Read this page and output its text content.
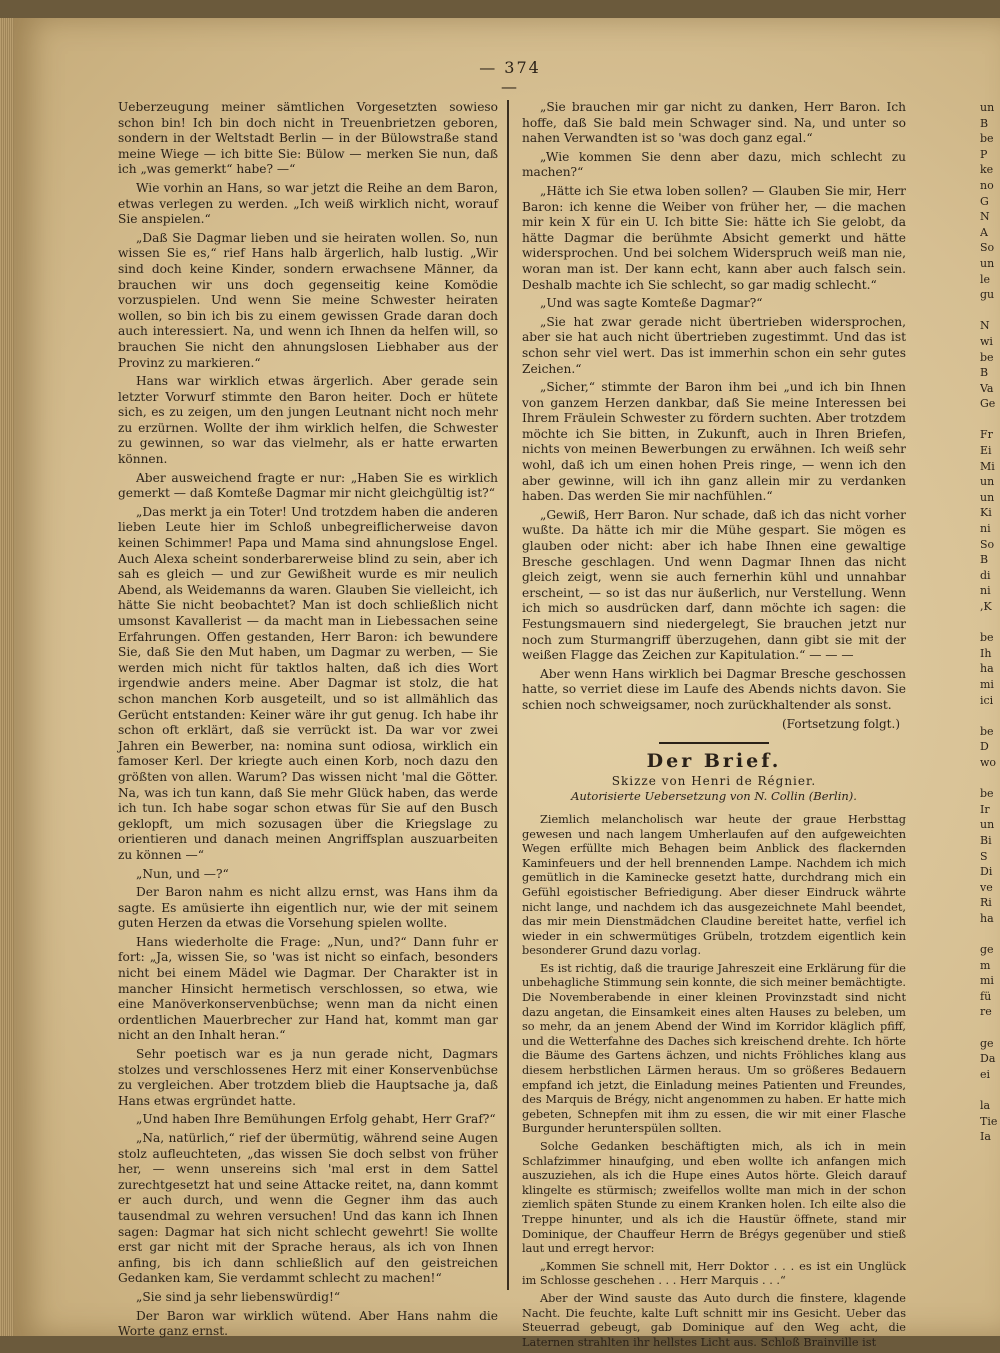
— 374 —

Ueberzeugung meiner sämtlichen Vorgesetzten sowieso schon bin! Ich bin doch nicht in Treuenbrietzen geboren, sondern in der Weltstadt Berlin — in der Bülowstraße stand meine Wiege — ich bitte Sie: Bülow — merken Sie nun, daß ich „was gemerkt“ habe? —“

Wie vorhin an Hans, so war jetzt die Reihe an dem Baron, etwas verlegen zu werden. „Ich weiß wirklich nicht, worauf Sie anspielen.“

„Daß Sie Dagmar lieben und sie heiraten wollen. So, nun wissen Sie es,“ rief Hans halb ärgerlich, halb lustig. „Wir sind doch keine Kinder, sondern erwachsene Männer, da brauchen wir uns doch gegenseitig keine Komödie vorzuspielen. Und wenn Sie meine Schwester heiraten wollen, so bin ich bis zu einem gewissen Grade daran doch auch interessiert. Na, und wenn ich Ihnen da helfen will, so brauchen Sie nicht den ahnungslosen Liebhaber aus der Provinz zu markieren.“

Hans war wirklich etwas ärgerlich. Aber gerade sein letzter Vorwurf stimmte den Baron heiter. Doch er hütete sich, es zu zeigen, um den jungen Leutnant nicht noch mehr zu erzürnen. Wollte der ihm wirklich helfen, die Schwester zu gewinnen, so war das vielmehr, als er hatte erwarten können.

Aber ausweichend fragte er nur: „Haben Sie es wirklich gemerkt — daß Komteße Dagmar mir nicht gleichgültig ist?“

„Das merkt ja ein Toter! Und trotzdem haben die anderen lieben Leute hier im Schloß unbegreiflicherweise davon keinen Schimmer! Papa und Mama sind ahnungslose Engel. Auch Alexa scheint sonderbarerweise blind zu sein, aber ich sah es gleich — und zur Gewißheit wurde es mir neulich Abend, als Weidemanns da waren. Glauben Sie vielleicht, ich hätte Sie nicht beobachtet? Man ist doch schließlich nicht umsonst Kavallerist — da macht man in Liebessachen seine Erfahrungen. Offen gestanden, Herr Baron: ich bewundere Sie, daß Sie den Mut haben, um Dagmar zu werben, — Sie werden mich nicht für taktlos halten, daß ich dies Wort irgendwie anders meine. Aber Dagmar ist stolz, die hat schon manchen Korb ausgeteilt, und so ist allmählich das Gerücht entstanden: Keiner wäre ihr gut genug. Ich habe ihr schon oft erklärt, daß sie verrückt ist. Da war vor zwei Jahren ein Bewerber, na: nomina sunt odiosa, wirklich ein famoser Kerl. Der kriegte auch einen Korb, noch dazu den größten von allen. Warum? Das wissen nicht 'mal die Götter. Na, was ich tun kann, daß Sie mehr Glück haben, das werde ich tun. Ich habe sogar schon etwas für Sie auf den Busch geklopft, um mich sozusagen über die Kriegslage zu orientieren und danach meinen Angriffsplan auszuarbeiten zu können —“

„Nun, und —?“

Der Baron nahm es nicht allzu ernst, was Hans ihm da sagte. Es amüsierte ihn eigentlich nur, wie der mit seinem guten Herzen da etwas die Vorsehung spielen wollte.

Hans wiederholte die Frage: „Nun, und?“ Dann fuhr er fort: „Ja, wissen Sie, so 'was ist nicht so einfach, besonders nicht bei einem Mädel wie Dagmar. Der Charakter ist in mancher Hinsicht hermetisch verschlossen, so etwa, wie eine Manöverkonservenbüchse; wenn man da nicht einen ordentlichen Mauerbrecher zur Hand hat, kommt man gar nicht an den Inhalt heran.“

Sehr poetisch war es ja nun gerade nicht, Dagmars stolzes und verschlossenes Herz mit einer Konservenbüchse zu vergleichen. Aber trotzdem blieb die Hauptsache ja, daß Hans etwas ergründet hatte.

„Und haben Ihre Bemühungen Erfolg gehabt, Herr Graf?“

„Na, natürlich,“ rief der übermütig, während seine Augen stolz aufleuchteten, „das wissen Sie doch selbst von früher her, — wenn unsereins sich 'mal erst in dem Sattel zurechtgesetzt hat und seine Attacke reitet, na, dann kommt er auch durch, und wenn die Gegner ihm das auch tausendmal zu wehren versuchen! Und das kann ich Ihnen sagen: Dagmar hat sich nicht schlecht gewehrt! Sie wollte erst gar nicht mit der Sprache heraus, als ich von Ihnen anfing, bis ich dann schließlich auf den geistreichen Gedanken kam, Sie verdammt schlecht zu machen!“

„Sie sind ja sehr liebenswürdig!“

Der Baron war wirklich wütend. Aber Hans nahm die Worte ganz ernst.

„Sie brauchen mir gar nicht zu danken, Herr Baron. Ich hoffe, daß Sie bald mein Schwager sind. Na, und unter so nahen Verwandten ist so 'was doch ganz egal.“

„Wie kommen Sie denn aber dazu, mich schlecht zu machen?“

„Hätte ich Sie etwa loben sollen? — Glauben Sie mir, Herr Baron: ich kenne die Weiber von früher her, — die machen mir kein X für ein U. Ich bitte Sie: hätte ich Sie gelobt, da hätte Dagmar die berühmte Absicht gemerkt und hätte widersprochen. Und bei solchem Widerspruch weiß man nie, woran man ist. Der kann echt, kann aber auch falsch sein. Deshalb machte ich Sie schlecht, so gar madig schlecht.“

„Und was sagte Komteße Dagmar?“

„Sie hat zwar gerade nicht übertrieben widersprochen, aber sie hat auch nicht übertrieben zugestimmt. Und das ist schon sehr viel wert. Das ist immerhin schon ein sehr gutes Zeichen.“

„Sicher,“ stimmte der Baron ihm bei „und ich bin Ihnen von ganzem Herzen dankbar, daß Sie meine Interessen bei Ihrem Fräulein Schwester zu fördern suchten. Aber trotzdem möchte ich Sie bitten, in Zukunft, auch in Ihren Briefen, nichts von meinen Bewerbungen zu erwähnen. Ich weiß sehr wohl, daß ich um einen hohen Preis ringe, — wenn ich den aber gewinne, will ich ihn ganz allein mir zu verdanken haben. Das werden Sie mir nachfühlen.“

„Gewiß, Herr Baron. Nur schade, daß ich das nicht vorher wußte. Da hätte ich mir die Mühe gespart. Sie mögen es glauben oder nicht: aber ich habe Ihnen eine gewaltige Bresche geschlagen. Und wenn Dagmar Ihnen das nicht gleich zeigt, wenn sie auch fernerhin kühl und unnahbar erscheint, — so ist das nur äußerlich, nur Verstellung. Wenn ich mich so ausdrücken darf, dann möchte ich sagen: die Festungsmauern sind niedergelegt, Sie brauchen jetzt nur noch zum Sturmangriff überzugehen, dann gibt sie mit der weißen Flagge das Zeichen zur Kapitulation.“ — — —

Aber wenn Hans wirklich bei Dagmar Bresche geschossen hatte, so verriet diese im Laufe des Abends nichts davon. Sie schien noch schweigsamer, noch zurückhaltender als sonst.

(Fortsetzung folgt.)
Der Brief.
Skizze von Henri de Régnier.
Autorisierte Uebersetzung von N. Collin (Berlin).

Ziemlich melancholisch war heute der graue Herbsttag gewesen und nach langem Umherlaufen auf den aufgeweichten Wegen erfüllte mich Behagen beim Anblick des flackernden Kaminfeuers und der hell brennenden Lampe. Nachdem ich mich gemütlich in die Kaminecke gesetzt hatte, durchdrang mich ein Gefühl egoistischer Befriedigung. Aber dieser Eindruck währte nicht lange, und nachdem ich das ausgezeichnete Mahl beendet, das mir mein Dienstmädchen Claudine bereitet hatte, verfiel ich wieder in ein schwermütiges Grübeln, trotzdem eigentlich kein besonderer Grund dazu vorlag.

Es ist richtig, daß die traurige Jahreszeit eine Erklärung für die unbehagliche Stimmung sein konnte, die sich meiner bemächtigte. Die Novemberabende in einer kleinen Provinzstadt sind nicht dazu angetan, die Einsamkeit eines alten Hauses zu beleben, um so mehr, da an jenem Abend der Wind im Korridor kläglich pfiff, und die Wetterfahne des Daches sich kreischend drehte. Ich hörte die Bäume des Gartens ächzen, und nichts Fröhliches klang aus diesem herbstlichen Lärmen heraus. Um so größeres Bedauern empfand ich jetzt, die Einladung meines Patienten und Freundes, des Marquis de Brégy, nicht angenommen zu haben. Er hatte mich gebeten, Schnepfen mit ihm zu essen, die wir mit einer Flasche Burgunder herunterspülen sollten.

Solche Gedanken beschäftigten mich, als ich in mein Schlafzimmer hinaufging, und eben wollte ich anfangen mich auszuziehen, als ich die Hupe eines Autos hörte. Gleich darauf klingelte es stürmisch; zweifellos wollte man mich in der schon ziemlich späten Stunde zu einem Kranken holen. Ich eilte also die Treppe hinunter, und als ich die Haustür öffnete, stand mir Dominique, der Chauffeur Herrn de Brégys gegenüber und stieß laut und erregt hervor:

„Kommen Sie schnell mit, Herr Doktor . . . es ist ein Unglück im Schlosse geschehen . . . Herr Marquis . . .“

Aber der Wind sauste das Auto durch die finstere, klagende Nacht. Die feuchte, kalte Luft schnitt mir ins Gesicht. Ueber das Steuerrad gebeugt, gab Dominique auf den Weg acht, die Laternen strahlten ihr hellstes Licht aus. Schloß Brainville ist

un
B
be
P
ke
no
G
N
A
So
un
le
gu

N
wi
be
B
Va
Ge

Fr
Ei
Mi
un
un
Ki
ni
So
B
di
ni
,K

be
Ih
ha
mi
ici

be
D
wo

be
Ir
un
Bi
S
Di
ve
Ri
ha

ge
m
mi
fü
re

ge
Da
ei

la
Tie
Ia
